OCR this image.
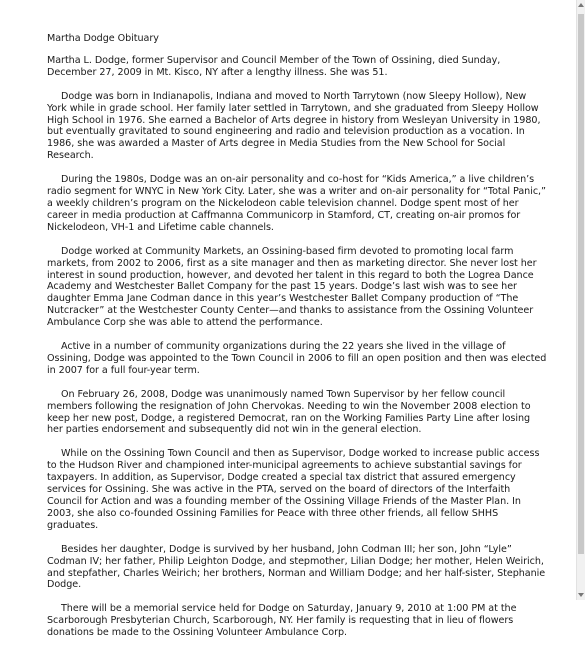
Martha Dodge Obituary

Martha L. Dodge, former Supervisor and Council Member of the Town of Ossining, died Sunday, December 27, 2009 in Mt. Kisco, NY after a lengthy illness. She was 51.

Dodge was born in Indianapolis, Indiana and moved to North Tarrytown (now Sleepy Hollow), New York while in grade school. Her family later settled in Tarrytown, and she graduated from Sleepy Hollow High School in 1976. She earned a Bachelor of Arts degree in history from Wesleyan University in 1980, but eventually gravitated to sound engineering and radio and television production as a vocation. In 1986, she was awarded a Master of Arts degree in Media Studies from the New School for Social Research.

During the 1980s, Dodge was an on-air personality and co-host for “Kids America,” a live children’s radio segment for WNYC in New York City. Later, she was a writer and on-air personality for “Total Panic,” a weekly children’s program on the Nickelodeon cable television channel. Dodge spent most of her career in media production at Caffmanna Communicorp in Stamford, CT, creating on-air promos for Nickelodeon, VH-1 and Lifetime cable channels.

Dodge worked at Community Markets, an Ossining-based firm devoted to promoting local farm markets, from 2002 to 2006, first as a site manager and then as marketing director. She never lost her interest in sound production, however, and devoted her talent in this regard to both the Logrea Dance Academy and Westchester Ballet Company for the past 15 years. Dodge’s last wish was to see her daughter Emma Jane Codman dance in this year’s Westchester Ballet Company production of “The Nutcracker” at the Westchester County Center—and thanks to assistance from the Ossining Volunteer Ambulance Corp she was able to attend the performance.

Active in a number of community organizations during the 22 years she lived in the village of Ossining, Dodge was appointed to the Town Council in 2006 to fill an open position and then was elected in 2007 for a full four-year term.

On February 26, 2008, Dodge was unanimously named Town Supervisor by her fellow council members following the resignation of John Chervokas. Needing to win the November 2008 election to keep her new post, Dodge, a registered Democrat, ran on the Working Families Party Line after losing her parties endorsement and subsequently did not win in the general election.

While on the Ossining Town Council and then as Supervisor, Dodge worked to increase public access to the Hudson River and championed inter-municipal agreements to achieve substantial savings for taxpayers. In addition, as Supervisor, Dodge created a special tax district that assured emergency services for Ossining. She was active in the PTA, served on the board of directors of the Interfaith Council for Action and was a founding member of the Ossining Village Friends of the Master Plan. In 2003, she also co-founded Ossining Families for Peace with three other friends, all fellow SHHS graduates.

Besides her daughter, Dodge is survived by her husband, John Codman III; her son, John “Lyle” Codman IV; her father, Philip Leighton Dodge, and stepmother, Lilian Dodge; her mother, Helen Weirich, and stepfather, Charles Weirich; her brothers, Norman and William Dodge; and her half-sister, Stephanie Dodge.

There will be a memorial service held for Dodge on Saturday, January 9, 2010 at 1:00 PM at the Scarborough Presbyterian Church, Scarborough, NY. Her family is requesting that in lieu of flowers donations be made to the Ossining Volunteer Ambulance Corp.
